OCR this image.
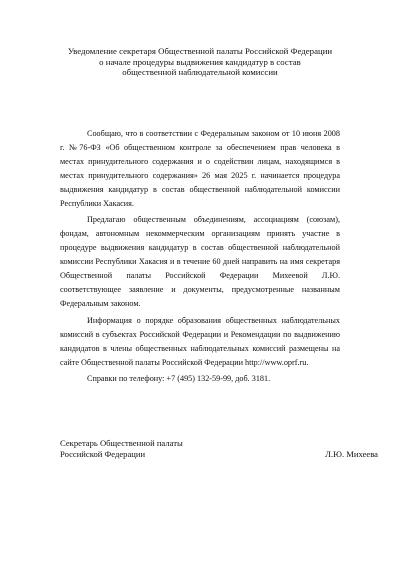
Уведомление секретаря Общественной палаты Российской Федерации
о начале процедуры выдвижения кандидатур в состав
общественной наблюдательной комиссии

Сообщаю, что в соответствии с Федеральным законом от 10 июня 2008 г. №76-ФЗ «Об общественном контроле за обеспечением прав человека в местах принудительного содержания и о содействии лицам, находящимся в местах принудительного содержания» 26 мая 2025 г. начинается процедура выдвижения кандидатур в состав общественной наблюдательной комиссии Республики Хакасия.

Предлагаю общественным объединениям, ассоциациям (союзам), фондам, автономным некоммерческим организациям принять участие в процедуре выдвижения кандидатур в состав общественной наблюдательной комиссии Республики Хакасия и в течение 60 дней направить на имя секретаря Общественной палаты Российской Федерации Михеевой Л.Ю. соответствующее заявление и документы, предусмотренные названным Федеральным законом.

Информация о порядке образования общественных наблюдательных комиссий в субъектах Российской Федерации и Рекомендации по выдвижению кандидатов в члены общественных наблюдательных комиссий размещены на сайте Общественной палаты Российской Федерации http://www.oprf.ru.

Справки по телефону: +7 (495) 132-59-99, доб. 3181.

Секретарь Общественной палаты
Российской Федерации	Л.Ю. Михеева
